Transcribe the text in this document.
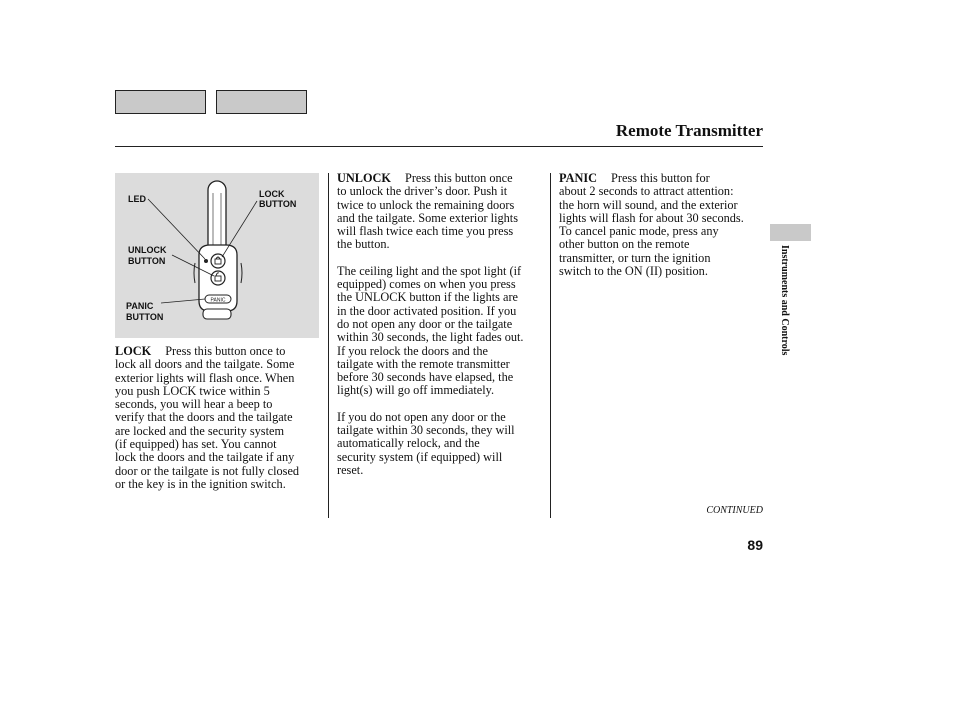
Remote Transmitter
PANIC
LED	LOCK
BUTTON
UNLOCK
BUTTON
PANIC
BUTTON
LOCK Press this button once to
lock all doors and the tailgate. Some
exterior lights will flash once. When
you push LOCK twice within 5
seconds, you will hear a beep to
verify that the doors and the tailgate
are locked and the security system
(if equipped) has set. You cannot
lock the doors and the tailgate if any
door or the tailgate is not fully closed
or the key is in the ignition switch.

UNLOCK Press this button once
to unlock the driver’s door. Push it
twice to unlock the remaining doors
and the tailgate. Some exterior lights
will flash twice each time you press
the button.

The ceiling light and the spot light (if
equipped) comes on when you press
the UNLOCK button if the lights are
in the door activated position. If you
do not open any door or the tailgate
within 30 seconds, the light fades out.
If you relock the doors and the
tailgate with the remote transmitter
before 30 seconds have elapsed, the
light(s) will go off immediately.

If you do not open any door or the
tailgate within 30 seconds, they will
automatically relock, and the
security system (if equipped) will
reset.

PANIC Press this button for
about 2 seconds to attract attention:
the horn will sound, and the exterior
lights will flash for about 30 seconds.
To cancel panic mode, press any
other button on the remote
transmitter, or turn the ignition
switch to the ON (II) position.	Instruments and Controls
CONTINUED
89
